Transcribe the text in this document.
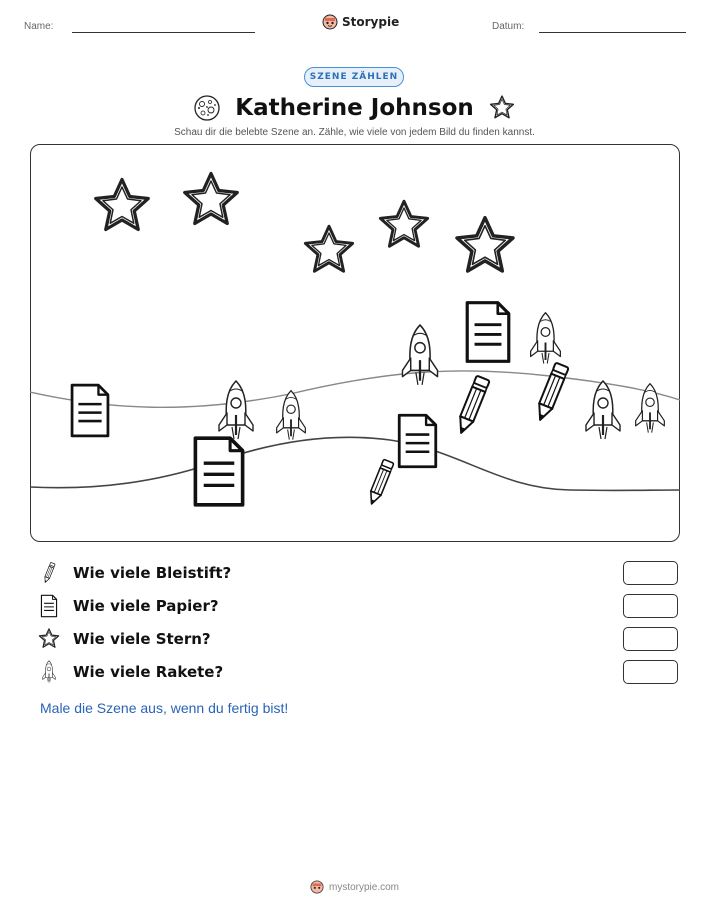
Name:	Storypie	Datum:
SZENE ZÄHLEN
Katherine Johnson
Schau dir die belebte Szene an. Zähle, wie viele von jedem Bild du finden kannst.
Wie viele Bleistift?
Wie viele Papier?
Wie viele Stern?
Wie viele Rakete?
Male die Szene aus, wenn du fertig bist!
mystorypie.com
